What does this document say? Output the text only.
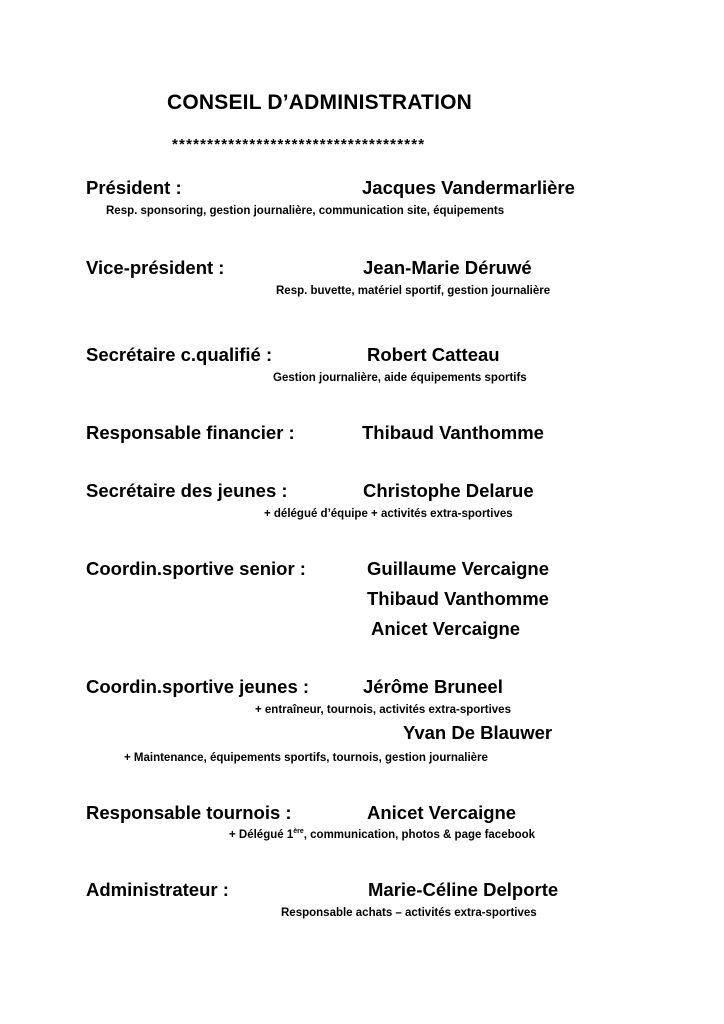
CONSEIL D’ADMINISTRATION
************************************
Président :	Jacques Vandermarlière
Resp. sponsoring, gestion journalière, communication site, équipements
Vice-président :	Jean-Marie Déruwé
Resp. buvette, matériel sportif, gestion journalière
Secrétaire c.qualifié :	Robert Catteau
Gestion journalière, aide équipements sportifs
Responsable financier :	Thibaud Vanthomme
Secrétaire des jeunes :	Christophe Delarue
+ délégué d’équipe + activités extra-sportives
Coordin.sportive senior :	Guillaume Vercaigne
Thibaud Vanthomme
Anicet Vercaigne
Coordin.sportive jeunes :	Jérôme Bruneel
+ entraîneur, tournois, activités extra-sportives
Yvan De Blauwer
+ Maintenance, équipements sportifs, tournois, gestion journalière
Responsable tournois :	Anicet Vercaigne
+ Délégué 1ère, communication, photos & page facebook
Administrateur :	Marie-Céline Delporte
Responsable achats – activités extra-sportives
